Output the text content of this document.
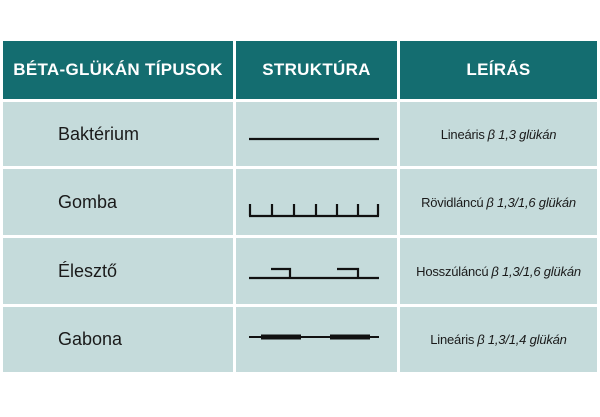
BÉTA-GLÜKÁN TÍPUSOK	STRUKTÚRA	LEÍRÁS
Baktérium	Lineáris β 1,3 glükán
Gomba	Rövidláncú β 1,3/1,6 glükán
Élesztő	Hosszúláncú β 1,3/1,6 glükán
Gabona	Lineáris β 1,3/1,4 glükán
